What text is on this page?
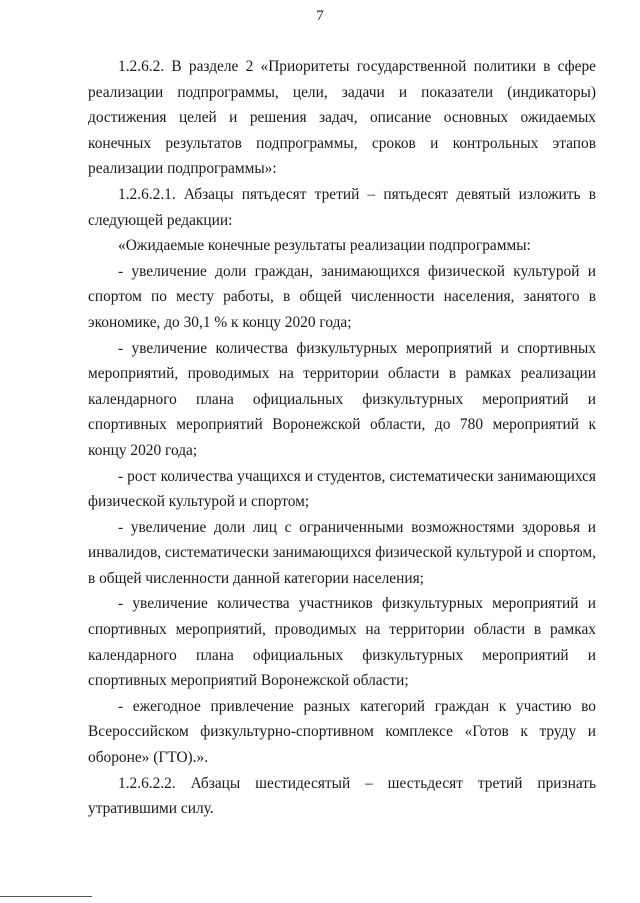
7

1.2.6.2. В разделе 2 «Приоритеты государственной политики в сфере реализации подпрограммы, цели, задачи и показатели (индикаторы) достижения целей и решения задач, описание основных ожидаемых конечных результатов подпрограммы, сроков и контрольных этапов реализации подпрограммы»:

1.2.6.2.1. Абзацы пятьдесят третий – пятьдесят девятый изложить в следующей редакции:

«Ожидаемые конечные результаты реализации подпрограммы:

- увеличение доли граждан, занимающихся физической культурой и спортом по месту работы, в общей численности населения, занятого в экономике, до 30,1 % к концу 2020 года;

- увеличение количества физкультурных мероприятий и спортивных мероприятий, проводимых на территории области в рамках реализации календарного плана официальных физкультурных мероприятий и спортивных мероприятий Воронежской области, до 780 мероприятий к концу 2020 года;

- рост количества учащихся и студентов, систематически занимающихся физической культурой и спортом;

- увеличение доли лиц с ограниченными возможностями здоровья и инвалидов, систематически занимающихся физической культурой и спортом, в общей численности данной категории населения;

- увеличение количества участников физкультурных мероприятий и спортивных мероприятий, проводимых на территории области в рамках календарного плана официальных физкультурных мероприятий и спортивных мероприятий Воронежской области;

- ежегодное привлечение разных категорий граждан к участию во Всероссийском физкультурно-спортивном комплексе «Готов к труду и обороне» (ГТО).».

1.2.6.2.2. Абзацы шестидесятый – шестьдесят третий признать утратившими силу.
